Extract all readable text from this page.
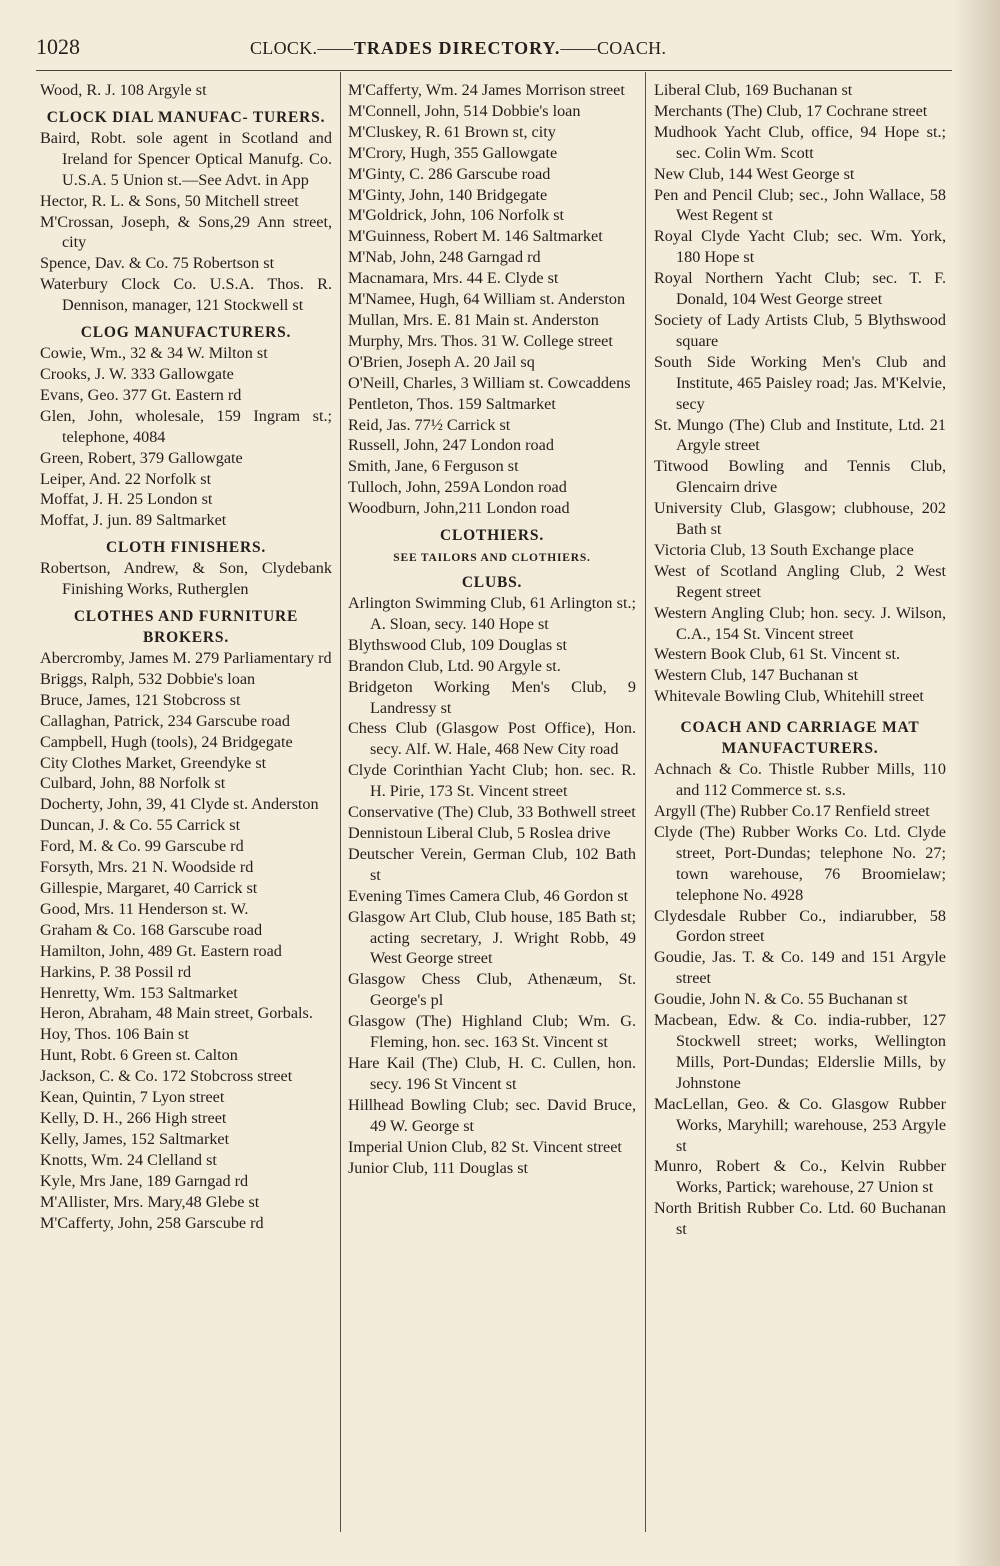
1028	CLOCK.——TRADES DIRECTORY.——COACH.
Wood, R. J. 108 Argyle st
CLOCK DIAL MANUFAC- TURERS.
Baird, Robt. sole agent in Scotland and Ireland for Spencer Optical Manufg. Co. U.S.A. 5 Union st.—See Advt. in App
Hector, R. L. & Sons, 50 Mitchell street
M'Crossan, Joseph, & Sons,29 Ann street, city
Spence, Dav. & Co. 75 Robertson st
Waterbury Clock Co. U.S.A. Thos. R. Dennison, manager, 121 Stockwell st
CLOG MANUFACTURERS.
Cowie, Wm., 32 & 34 W. Milton st
Crooks, J. W. 333 Gallowgate
Evans, Geo. 377 Gt. Eastern rd
Glen, John, wholesale, 159 Ingram st.; telephone, 4084
Green, Robert, 379 Gallowgate
Leiper, And. 22 Norfolk st
Moffat, J. H. 25 London st
Moffat, J. jun. 89 Saltmarket
CLOTH FINISHERS.
Robertson, Andrew, & Son, Clydebank Finishing Works, Rutherglen
CLOTHES AND FURNITURE BROKERS.
Abercromby, James M. 279 Parliamentary rd
Briggs, Ralph, 532 Dobbie's loan
Bruce, James, 121 Stobcross st
Callaghan, Patrick, 234 Garscube road
Campbell, Hugh (tools), 24 Bridgegate
City Clothes Market, Greendyke st
Culbard, John, 88 Norfolk st
Docherty, John, 39, 41 Clyde st. Anderston
Duncan, J. & Co. 55 Carrick st
Ford, M. & Co. 99 Garscube rd
Forsyth, Mrs. 21 N. Woodside rd
Gillespie, Margaret, 40 Carrick st
Good, Mrs. 11 Henderson st. W.
Graham & Co. 168 Garscube road
Hamilton, John, 489 Gt. Eastern road
Harkins, P. 38 Possil rd
Henretty, Wm. 153 Saltmarket
Heron, Abraham, 48 Main street, Gorbals.
Hoy, Thos. 106 Bain st
Hunt, Robt. 6 Green st. Calton
Jackson, C. & Co. 172 Stobcross street
Kean, Quintin, 7 Lyon street
Kelly, D. H., 266 High street
Kelly, James, 152 Saltmarket
Knotts, Wm. 24 Clelland st
Kyle, Mrs Jane, 189 Garngad rd
M'Allister, Mrs. Mary,48 Glebe st
M'Cafferty, John, 258 Garscube rd
M'Cafferty, Wm. 24 James Morrison street
M'Connell, John, 514 Dobbie's loan
M'Cluskey, R. 61 Brown st, city
M'Crory, Hugh, 355 Gallowgate
M'Ginty, C. 286 Garscube road
M'Ginty, John, 140 Bridgegate
M'Goldrick, John, 106 Norfolk st
M'Guinness, Robert M. 146 Saltmarket
M'Nab, John, 248 Garngad rd
Macnamara, Mrs. 44 E. Clyde st
M'Namee, Hugh, 64 William st. Anderston
Mullan, Mrs. E. 81 Main st. Anderston
Murphy, Mrs. Thos. 31 W. College street
O'Brien, Joseph A. 20 Jail sq
O'Neill, Charles, 3 William st. Cowcaddens
Pentleton, Thos. 159 Saltmarket
Reid, Jas. 77½ Carrick st
Russell, John, 247 London road
Smith, Jane, 6 Ferguson st
Tulloch, John, 259A London road
Woodburn, John,211 London road
CLOTHIERS.
SEE TAILORS AND CLOTHIERS.
CLUBS.
Arlington Swimming Club, 61 Arlington st.; A. Sloan, secy. 140 Hope st
Blythswood Club, 109 Douglas st
Brandon Club, Ltd. 90 Argyle st.
Bridgeton Working Men's Club, 9 Landressy st
Chess Club (Glasgow Post Office), Hon. secy. Alf. W. Hale, 468 New City road
Clyde Corinthian Yacht Club; hon. sec. R. H. Pirie, 173 St. Vincent street
Conservative (The) Club, 33 Bothwell street
Dennistoun Liberal Club, 5 Roslea drive
Deutscher Verein, German Club, 102 Bath st
Evening Times Camera Club, 46 Gordon st
Glasgow Art Club, Club house, 185 Bath st; acting secretary, J. Wright Robb, 49 West George street
Glasgow Chess Club, Athenæum, St. George's pl
Glasgow (The) Highland Club; Wm. G. Fleming, hon. sec. 163 St. Vincent st
Hare Kail (The) Club, H. C. Cullen, hon. secy. 196 St Vincent st
Hillhead Bowling Club; sec. David Bruce, 49 W. George st
Imperial Union Club, 82 St. Vincent street
Junior Club, 111 Douglas st
Liberal Club, 169 Buchanan st
Merchants (The) Club, 17 Cochrane street
Mudhook Yacht Club, office, 94 Hope st.; sec. Colin Wm. Scott
New Club, 144 West George st
Pen and Pencil Club; sec., John Wallace, 58 West Regent st
Royal Clyde Yacht Club; sec. Wm. York, 180 Hope st
Royal Northern Yacht Club; sec. T. F. Donald, 104 West George street
Society of Lady Artists Club, 5 Blythswood square
South Side Working Men's Club and Institute, 465 Paisley road; Jas. M'Kelvie, secy
St. Mungo (The) Club and Institute, Ltd. 21 Argyle street
Titwood Bowling and Tennis Club, Glencairn drive
University Club, Glasgow; clubhouse, 202 Bath st
Victoria Club, 13 South Exchange place
West of Scotland Angling Club, 2 West Regent street
Western Angling Club; hon. secy. J. Wilson, C.A., 154 St. Vincent street
Western Book Club, 61 St. Vincent st.
Western Club, 147 Buchanan st
Whitevale Bowling Club, Whitehill street
COACH AND CARRIAGE MAT MANUFACTURERS.
Achnach & Co. Thistle Rubber Mills, 110 and 112 Commerce st. s.s.
Argyll (The) Rubber Co.17 Renfield street
Clyde (The) Rubber Works Co. Ltd. Clyde street, Port-Dundas; telephone No. 27; town warehouse, 76 Broomielaw; telephone No. 4928
Clydesdale Rubber Co., indiarubber, 58 Gordon street
Goudie, Jas. T. & Co. 149 and 151 Argyle street
Goudie, John N. & Co. 55 Buchanan st
Macbean, Edw. & Co. india-rubber, 127 Stockwell street; works, Wellington Mills, Port-Dundas; Elderslie Mills, by Johnstone
MacLellan, Geo. & Co. Glasgow Rubber Works, Maryhill; warehouse, 253 Argyle st
Munro, Robert & Co., Kelvin Rubber Works, Partick; warehouse, 27 Union st
North British Rubber Co. Ltd. 60 Buchanan st
